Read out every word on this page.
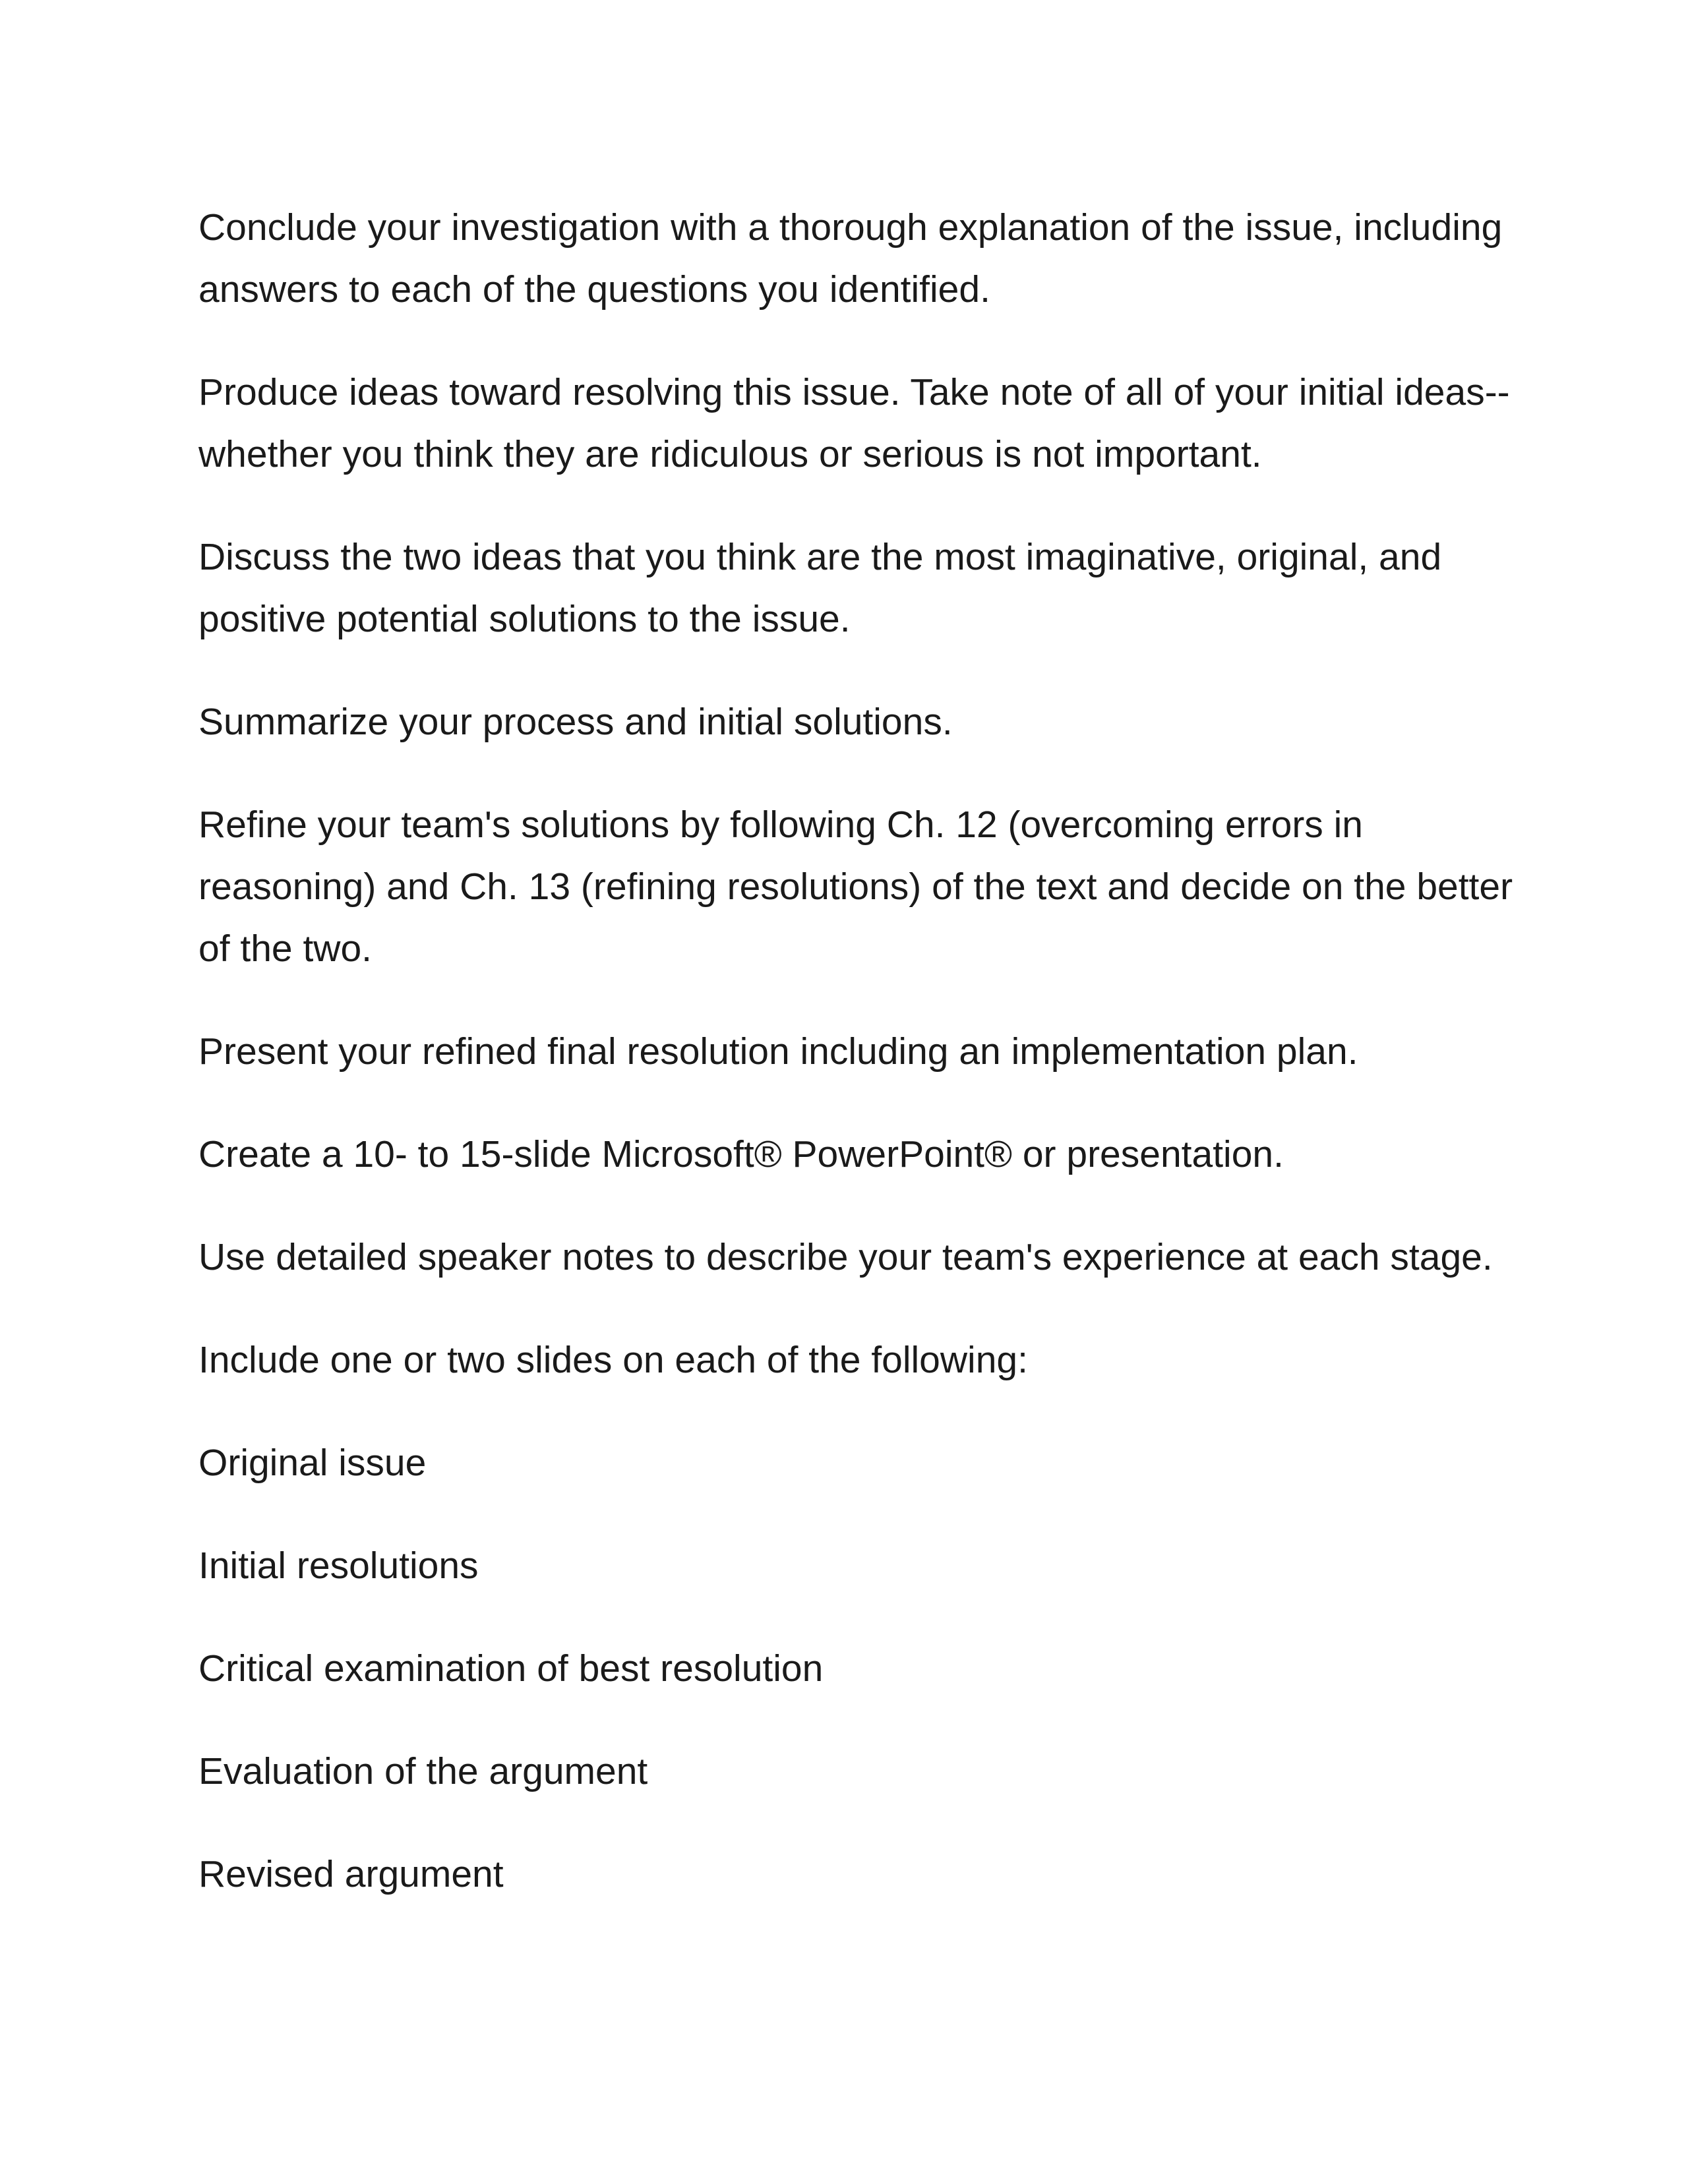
Conclude your investigation with a thorough explanation of the issue, including answers to each of the questions you identified.

Produce ideas toward resolving this issue. Take note of all of your initial ideas--whether you think they are ridiculous or serious is not important.

Discuss the two ideas that you think are the most imaginative, original, and positive potential solutions to the issue.

Summarize your process and initial solutions.

Refine your team's solutions by following Ch. 12 (overcoming errors in reasoning) and Ch. 13 (refining resolutions) of the text and decide on the better of the two.

Present your refined final resolution including an implementation plan.

Create a 10- to 15-slide Microsoft® PowerPoint® or presentation.

Use detailed speaker notes to describe your team's experience at each stage.

Include one or two slides on each of the following:

Original issue

Initial resolutions

Critical examination of best resolution

Evaluation of the argument

Revised argument
